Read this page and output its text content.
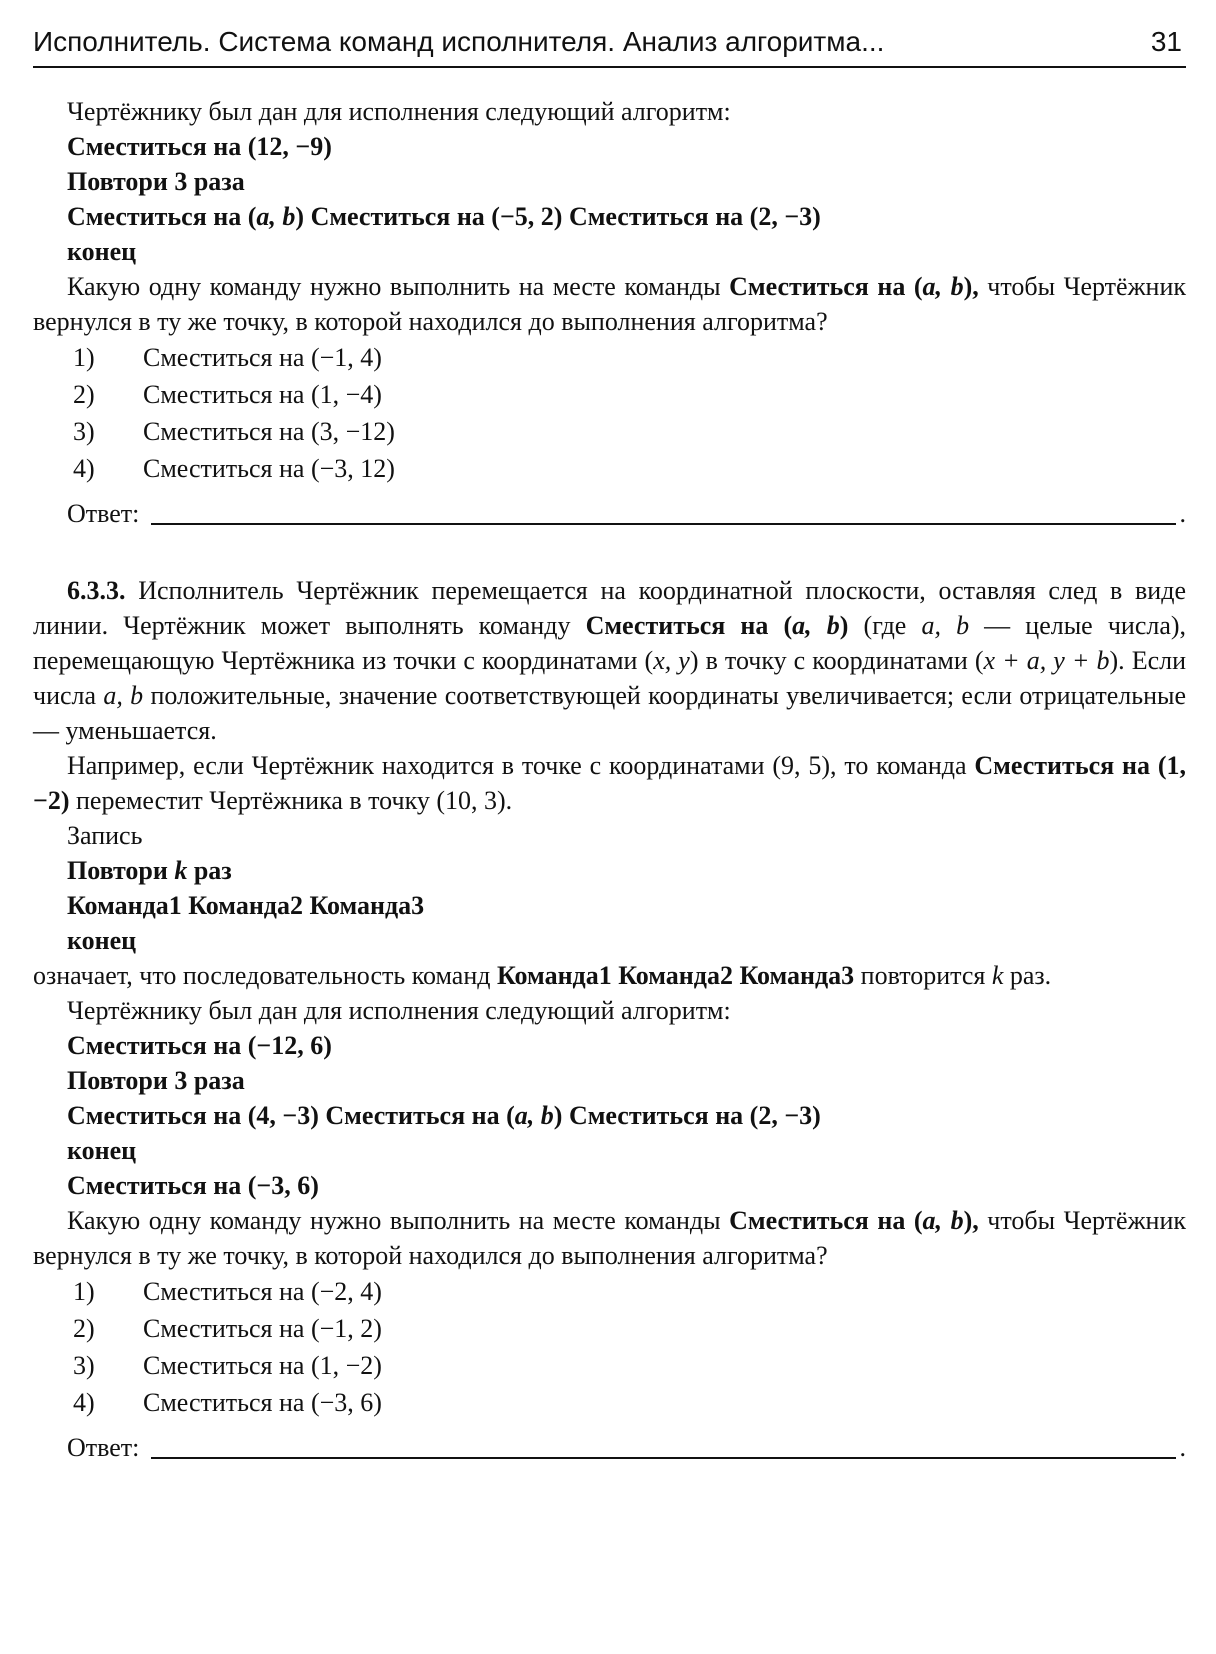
Исполнитель. Система команд исполнителя. Анализ алгоритма...	31

Чертёжнику был дан для исполнения следующий алгоритм:

Сместиться на (12, −9)

Повтори 3 раза

Сместиться на (a, b) Сместиться на (−5, 2) Сместиться на (2, −3)

конец

Какую одну команду нужно выполнить на месте команды Сместиться на (a, b), чтобы Чертёжник вернулся в ту же точку, в которой находился до выполнения алгоритма?

1)	Сместиться на (−1, 4)
2)	Сместиться на (1, −4)
3)	Сместиться на (3, −12)
4)	Сместиться на (−3, 12)
Ответ:	.

6.3.3. Исполнитель Чертёжник перемещается на координатной плоскости, оставляя след в виде линии. Чертёжник может выполнять команду Сместиться на (a, b) (где a, b — целые числа), перемещающую Чертёжника из точки с координатами (x, y) в точку с координатами (x + a, y + b). Если числа a, b положительные, значение соответствующей координаты увеличивается; если отрицательные — уменьшается.

Например, если Чертёжник находится в точке с координатами (9, 5), то команда Сместиться на (1, −2) переместит Чертёжника в точку (10, 3).

Запись

Повтори k раз

Команда1 Команда2 Команда3

конец

означает, что последовательность команд Команда1 Команда2 Команда3 повторится k раз.

Чертёжнику был дан для исполнения следующий алгоритм:

Сместиться на (−12, 6)

Повтори 3 раза

Сместиться на (4, −3) Сместиться на (a, b) Сместиться на (2, −3)

конец

Сместиться на (−3, 6)

Какую одну команду нужно выполнить на месте команды Сместиться на (a, b), чтобы Чертёжник вернулся в ту же точку, в которой находился до выполнения алгоритма?

1)	Сместиться на (−2, 4)
2)	Сместиться на (−1, 2)
3)	Сместиться на (1, −2)
4)	Сместиться на (−3, 6)
Ответ:	.
